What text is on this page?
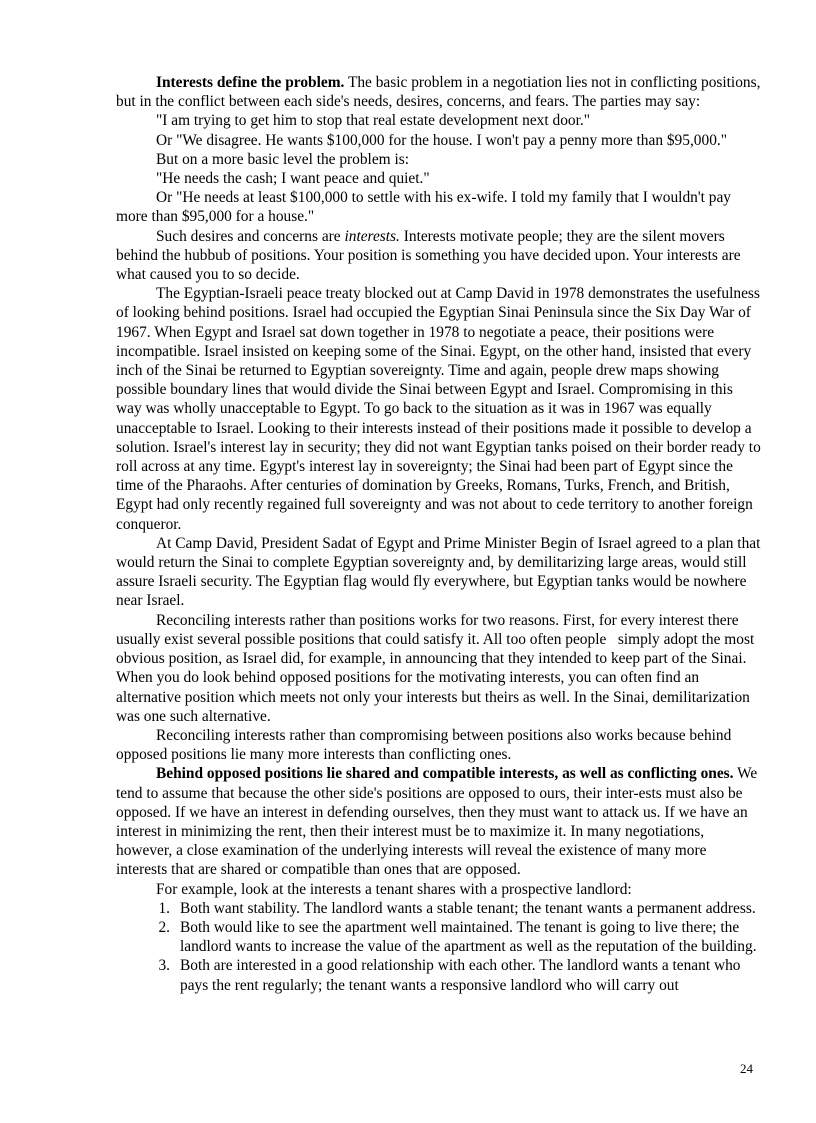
Interests define the problem. The basic problem in a negotiation lies not in conflicting positions, but in the conflict between each side's needs, desires, concerns, and fears. The parties may say:

"I am trying to get him to stop that real estate development next door."

Or "We disagree. He wants $100,000 for the house. I won't pay a penny more than $95,000."

But on a more basic level the problem is:

"He needs the cash; I want peace and quiet."

Or "He needs at least $100,000 to settle with his ex-wife. I told my family that I wouldn't pay more than $95,000 for a house."

Such desires and concerns are interests. Interests motivate people; they are the silent movers behind the hubbub of positions. Your position is something you have decided upon. Your interests are what caused you to so decide.

The Egyptian-Israeli peace treaty blocked out at Camp David in 1978 demonstrates the usefulness of looking behind positions. Israel had occupied the Egyptian Sinai Peninsula since the Six Day War of 1967. When Egypt and Israel sat down together in 1978 to negotiate a peace, their positions were incompatible. Israel insisted on keeping some of the Sinai. Egypt, on the other hand, insisted that every inch of the Sinai be returned to Egyptian sovereignty. Time and again, people drew maps showing possible boundary lines that would divide the Sinai between Egypt and Israel. Compromising in this way was wholly unacceptable to Egypt. To go back to the situation as it was in 1967 was equally unacceptable to Israel. Looking to their interests instead of their positions made it possible to develop a solution. Israel's interest lay in security; they did not want Egyptian tanks poised on their border ready to roll across at any time. Egypt's interest lay in sovereignty; the Sinai had been part of Egypt since the time of the Pharaohs. After centuries of domination by Greeks, Romans, Turks, French, and British, Egypt had only recently regained full sovereignty and was not about to cede territory to another foreign conqueror.

At Camp David, President Sadat of Egypt and Prime Minister Begin of Israel agreed to a plan that would return the Sinai to complete Egyptian sovereignty and, by demilitarizing large areas, would still assure Israeli security. The Egyptian flag would fly everywhere, but Egyptian tanks would be nowhere near Israel.

Reconciling interests rather than positions works for two reasons. First, for every interest there usually exist several possible positions that could satisfy it. All too often people   simply adopt the most obvious position, as Israel did, for example, in announcing that they intended to keep part of the Sinai. When you do look behind opposed positions for the motivating interests, you can often find an alternative position which meets not only your interests but theirs as well. In the Sinai, demilitarization was one such alternative.

Reconciling interests rather than compromising between positions also works because behind opposed positions lie many more interests than conflicting ones.

Behind opposed positions lie shared and compatible interests, as well as conflicting ones. We tend to assume that because the other side's positions are opposed to ours, their inter-ests must also be opposed. If we have an interest in defending ourselves, then they must want to attack us. If we have an interest in minimizing the rent, then their interest must be to maximize it. In many negotiations, however, a close examination of the underlying interests will reveal the existence of many more interests that are shared or compatible than ones that are opposed.

For example, look at the interests a tenant shares with a prospective landlord:

1. Both want stability. The landlord wants a stable tenant; the tenant wants a permanent address.
2. Both would like to see the apartment well maintained. The tenant is going to live there; the landlord wants to increase the value of the apartment as well as the reputation of the building.
3. Both are interested in a good relationship with each other. The landlord wants a tenant who pays the rent regularly; the tenant wants a responsive landlord who will carry out
24
